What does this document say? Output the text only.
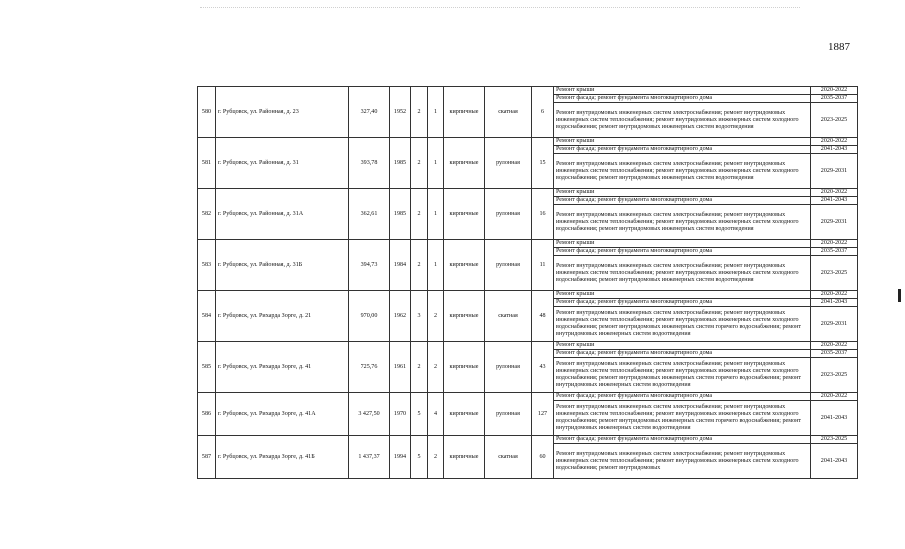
1887
580	г. Рубцовск, ул. Районная, д. 23	327,40	1952	2	1	кирпичные	скатная	6	Ремонт крыши	2020-2022
									Ремонт фасада; ремонт фундамента многоквартирного дома	2035-2037
									Ремонт внутридомовых инженерных систем электроснабжения; ремонт внутридомовых инженерных систем теплоснабжения; ремонт внутридомовых инженерных систем холодного водоснабжения; ремонт внутридомовых инженерных систем водоотведения	2023-2025
581	г. Рубцовск, ул. Районная, д. 31	393,78	1985	2	1	кирпичные	рулонная	15	Ремонт крыши	2020-2022
									Ремонт фасада; ремонт фундамента многоквартирного дома	2041-2043
									Ремонт внутридомовых инженерных систем электроснабжения; ремонт внутридомовых инженерных систем теплоснабжения; ремонт внутридомовых инженерных систем холодного водоснабжения; ремонт внутридомовых инженерных систем водоотведения	2029-2031
582	г. Рубцовск, ул. Районная, д. 31А	362,61	1985	2	1	кирпичные	рулонная	16	Ремонт крыши	2020-2022
									Ремонт фасада; ремонт фундамента многоквартирного дома	2041-2043
									Ремонт внутридомовых инженерных систем электроснабжения; ремонт внутридомовых инженерных систем теплоснабжения; ремонт внутридомовых инженерных систем холодного водоснабжения; ремонт внутридомовых инженерных систем водоотведения	2029-2031
583	г. Рубцовск, ул. Районная, д. 31Б	394,73	1984	2	1	кирпичные	рулонная	11	Ремонт крыши	2020-2022
									Ремонт фасада; ремонт фундамента многоквартирного дома	2035-2037
									Ремонт внутридомовых инженерных систем электроснабжения; ремонт внутридомовых инженерных систем теплоснабжения; ремонт внутридомовых инженерных систем холодного водоснабжения; ремонт внутридомовых инженерных систем водоотведения	2023-2025
584	г. Рубцовск, ул. Рихарда Зорге, д. 21	970,00	1962	3	2	кирпичные	скатная	48	Ремонт крыши	2020-2022
									Ремонт фасада; ремонт фундамента многоквартирного дома	2041-2043
									Ремонт внутридомовых инженерных систем электроснабжения; ремонт внутридомовых инженерных систем теплоснабжения; ремонт внутридомовых инженерных систем холодного водоснабжения; ремонт внутридомовых инженерных систем горячего водоснабжения; ремонт внутридомовых инженерных систем водоотведения	2029-2031
585	г. Рубцовск, ул. Рихарда Зорге, д. 41	725,76	1961	2	2	кирпичные	рулонная	43	Ремонт крыши	2020-2022
									Ремонт фасада; ремонт фундамента многоквартирного дома	2035-2037
									Ремонт внутридомовых инженерных систем электроснабжения; ремонт внутридомовых инженерных систем теплоснабжения; ремонт внутридомовых инженерных систем холодного водоснабжения; ремонт внутридомовых инженерных систем горячего водоснабжения; ремонт внутридомовых инженерных систем водоотведения	2023-2025
586	г. Рубцовск, ул. Рихарда Зорге, д. 41А	3 427,50	1970	5	4	кирпичные	рулонная	127	Ремонт фасада; ремонт фундамента многоквартирного дома	2020-2022
									Ремонт внутридомовых инженерных систем электроснабжения; ремонт внутридомовых инженерных систем теплоснабжения; ремонт внутридомовых инженерных систем холодного водоснабжения; ремонт внутридомовых инженерных систем горячего водоснабжения; ремонт внутридомовых инженерных систем водоотведения	2041-2043
587	г. Рубцовск, ул. Рихарда Зорге, д. 41Б	1 437,37	1994	5	2	кирпичные	скатная	60	Ремонт фасада; ремонт фундамента многоквартирного дома	2023-2025
									Ремонт внутридомовых инженерных систем электроснабжения; ремонт внутридомовых инженерных систем теплоснабжения; ремонт внутридомовых инженерных систем холодного водоснабжения; ремонт внутридомовых	2041-2043
